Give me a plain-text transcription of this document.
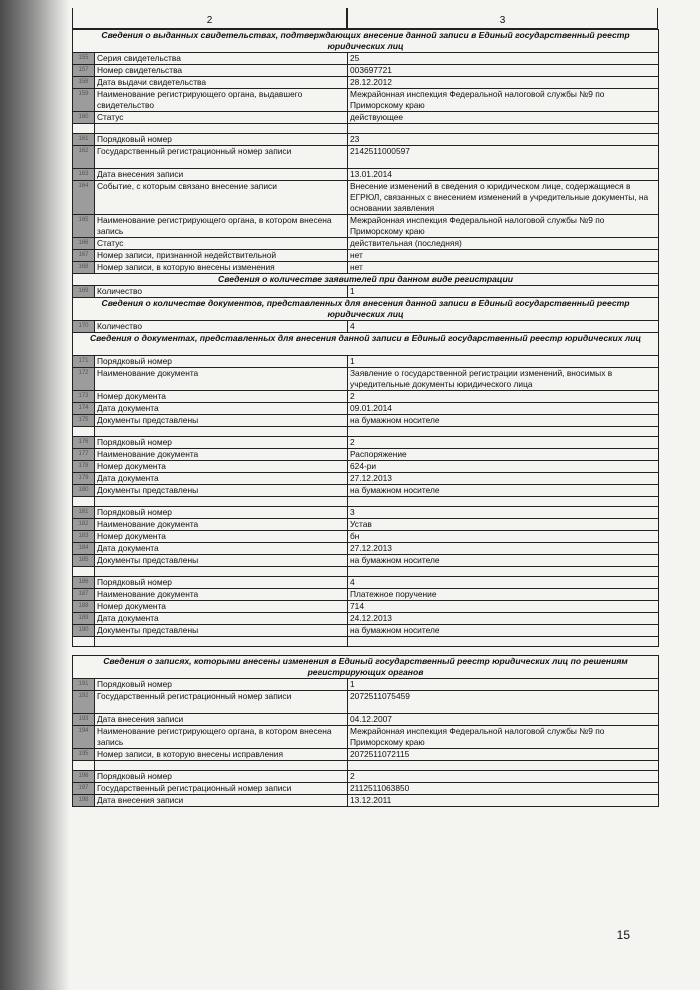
2	3
Сведения о выданных свидетельствах, подтверждающих внесение данной записи в Единый государственный реестр юридических лиц		
155	Серия свидетельства	25
157	Номер свидетельства	003697721
158	Дата выдачи свидетельства	28.12.2012
159	Наименование регистрирующего органа, выдавшего свидетельство	Межрайонная инспекция Федеральной налоговой службы №9 по Приморскому краю
160	Статус	действующее

161	Порядковый номер	23
162	Государственный регистрационный номер записи	2142511000597
163	Дата внесения записи	13.01.2014
164	Событие, с которым связано внесение записи	Внесение изменений в сведения о юридическом лице, содержащиеся в ЕГРЮЛ, связанных с внесением изменений в учредительные документы, на основании заявления
165	Наименование регистрирующего органа, в котором внесена запись	Межрайонная инспекция Федеральной налоговой службы №9 по Приморскому краю
166	Статус	действительная (последняя)
167	Номер записи, признанной недействительной	нет
168	Номер записи, в которую внесены изменения	нет
Сведения о количестве заявителей при данном виде регистрации		
169	Количество	1
Сведения о количестве документов, представленных для внесения данной записи в Единый государственный реестр юридических лиц		
170	Количество	4
Сведения о документах, представленных для внесения данной записи в Единый государственный реестр юридических лиц		
171	Порядковый номер	1
172	Наименование документа	Заявление о государственной регистрации изменений, вносимых в учредительные документы юридического лица
173	Номер документа	2
174	Дата документа	09.01.2014
175	Документы представлены	на бумажном носителе

176	Порядковый номер	2
177	Наименование документа	Распоряжение
178	Номер документа	624-ри
179	Дата документа	27.12.2013
180	Документы представлены	на бумажном носителе

181	Порядковый номер	3
182	Наименование документа	Устав
183	Номер документа	бн
184	Дата документа	27.12.2013
185	Документы представлены	на бумажном носителе

186	Порядковый номер	4
187	Наименование документа	Платежное поручение
188	Номер документа	714
189	Дата документа	24.12.2013
190	Документы представлены	на бумажном носителе

Сведения о записях, которыми внесены изменения в Единый государственный реестр юридических лиц по решениям регистрирующих органов		
191	Порядковый номер	1
192	Государственный регистрационный номер записи	2072511075459
193	Дата внесения записи	04.12.2007
194	Наименование регистрирующего органа, в котором внесена запись	Межрайонная инспекция Федеральной налоговой службы №9 по Приморскому краю
195	Номер записи, в которую внесены исправления	2072511072115

196	Порядковый номер	2
197	Государственный регистрационный номер записи	2112511063850
198	Дата внесения записи	13.12.2011
15
